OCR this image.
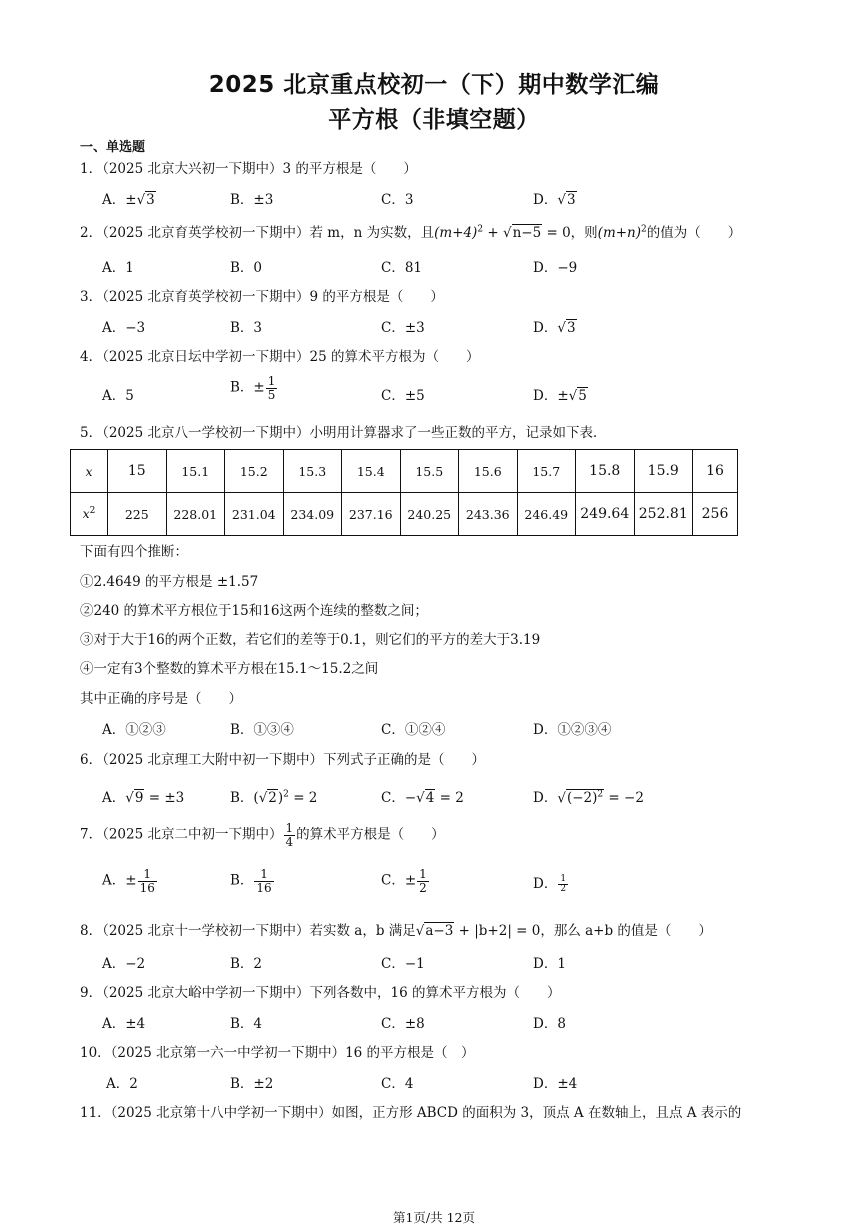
2025 北京重点校初一（下）期中数学汇编
平方根（非填空题）
一、单选题
1．（2025 北京大兴初一下期中）3 的平方根是（　　）
A．±√3	B．±3	C．3	D．√3
2．（2025 北京育英学校初一下期中）若 m，n 为实数，且$(m+4)^2 + √n-5 = 0$，则$(m+n)^2$的值为（　　）
A．1	B．0	C．81	D．−9
3．（2025 北京育英学校初一下期中）9 的平方根是（　　）
A．−3	B．3	C．±3	D．√3
4．（2025 北京日坛中学初一下期中）25 的算术平方根为（　　）
A．5
B．± $\frac{1}{5}$	C．±5	D．±√5
5．（2025 北京八一学校初一下期中）小明用计算器求了一些正数的平方，记录如下表．
x	15	15.1	15.2	15.3	15.4	15.5	15.6	15.7	15.8	15.9	16
$x^2$	225	228.01	231.04	234.09	237.16	240.25	243.36	246.49	249.64	252.81	256
下面有四个推断：
①2.4649 的平方根是 ±1.57
②240 的算术平方根位于15和16这两个连续的整数之间；
③对于大于16的两个正数，若它们的差等于0.1，则它们的平方的差大于3.19
④一定有3个整数的算术平方根在15.1～15.2之间
其中正确的序号是（　　）
A．①②③	B．①③④	C．①②④	D．①②③④
6．（2025 北京理工大附中初一下期中）下列式子正确的是（　　）
A．√9 = ±3	B．$(√2)^2 = 2$	C．−√4 = 2	D．$√(-2)^2 = -2$
7．（2025 北京二中初一下期中） $\frac{1}{4}$ 的算术平方根是（　　）
A．± $\frac{1}{16}$	B． $\frac{1}{16}$	C．± $\frac{1}{2}$	D． $\frac{1}{2}$
8．（2025 北京十一学校初一下期中）若实数 a，b 满足√a−3 + |b+2| = 0，那么 a+b 的值是（　　）
A．−2	B．2	C．−1	D．1
9．（2025 北京大峪中学初一下期中）下列各数中，16 的算术平方根为（　　）
A．±4	B．4	C．±8	D．8
10．（2025 北京第一六一中学初一下期中）16 的平方根是（　）
A．2	B．±2	C．4	D．±4
11．（2025 北京第十八中学初一下期中）如图，正方形 ABCD 的面积为 3，顶点 A 在数轴上，且点 A 表示的
第1页/共 12页
